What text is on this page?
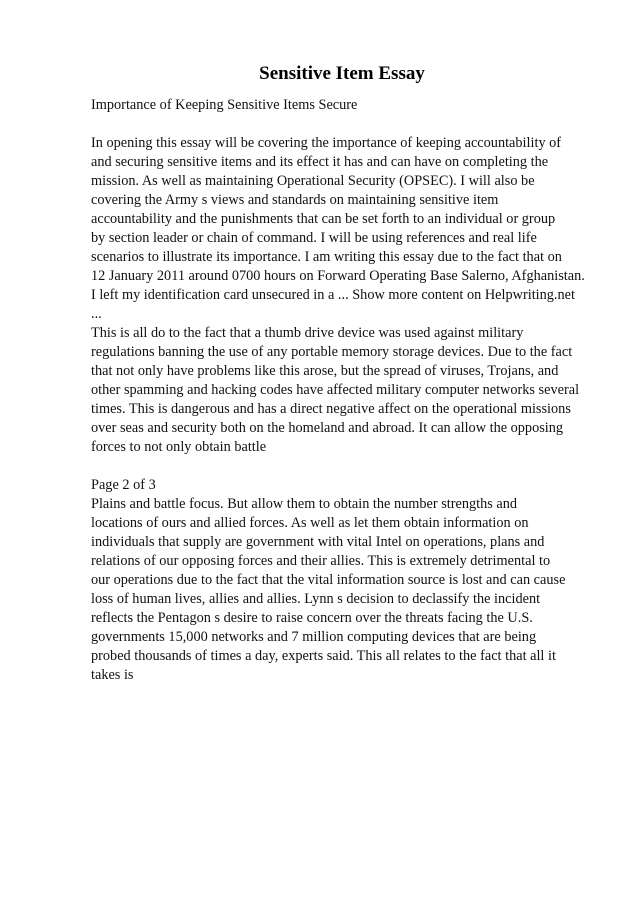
Sensitive Item Essay
Importance of Keeping Sensitive Items Secure
In opening this essay will be covering the importance of keeping accountability of
and securing sensitive items and its effect it has and can have on completing the
mission. As well as maintaining Operational Security (OPSEC). I will also be
covering the Army s views and standards on maintaining sensitive item
accountability and the punishments that can be set forth to an individual or group
by section leader or chain of command. I will be using references and real life
scenarios to illustrate its importance. I am writing this essay due to the fact that on
12 January 2011 around 0700 hours on Forward Operating Base Salerno, Afghanistan.
I left my identification card unsecured in a ... Show more content on Helpwriting.net
...
This is all do to the fact that a thumb drive device was used against military
regulations banning the use of any portable memory storage devices. Due to the fact
that not only have problems like this arose, but the spread of viruses, Trojans, and
other spamming and hacking codes have affected military computer networks several
times. This is dangerous and has a direct negative affect on the operational missions
over seas and security both on the homeland and abroad. It can allow the opposing
forces to not only obtain battle
Page 2 of 3
Plains and battle focus. But allow them to obtain the number strengths and
locations of ours and allied forces. As well as let them obtain information on
individuals that supply are government with vital Intel on operations, plans and
relations of our opposing forces and their allies. This is extremely detrimental to
our operations due to the fact that the vital information source is lost and can cause
loss of human lives, allies and allies. Lynn s decision to declassify the incident
reflects the Pentagon s desire to raise concern over the threats facing the U.S.
governments 15,000 networks and 7 million computing devices that are being
probed thousands of times a day, experts said. This all relates to the fact that all it
takes is
